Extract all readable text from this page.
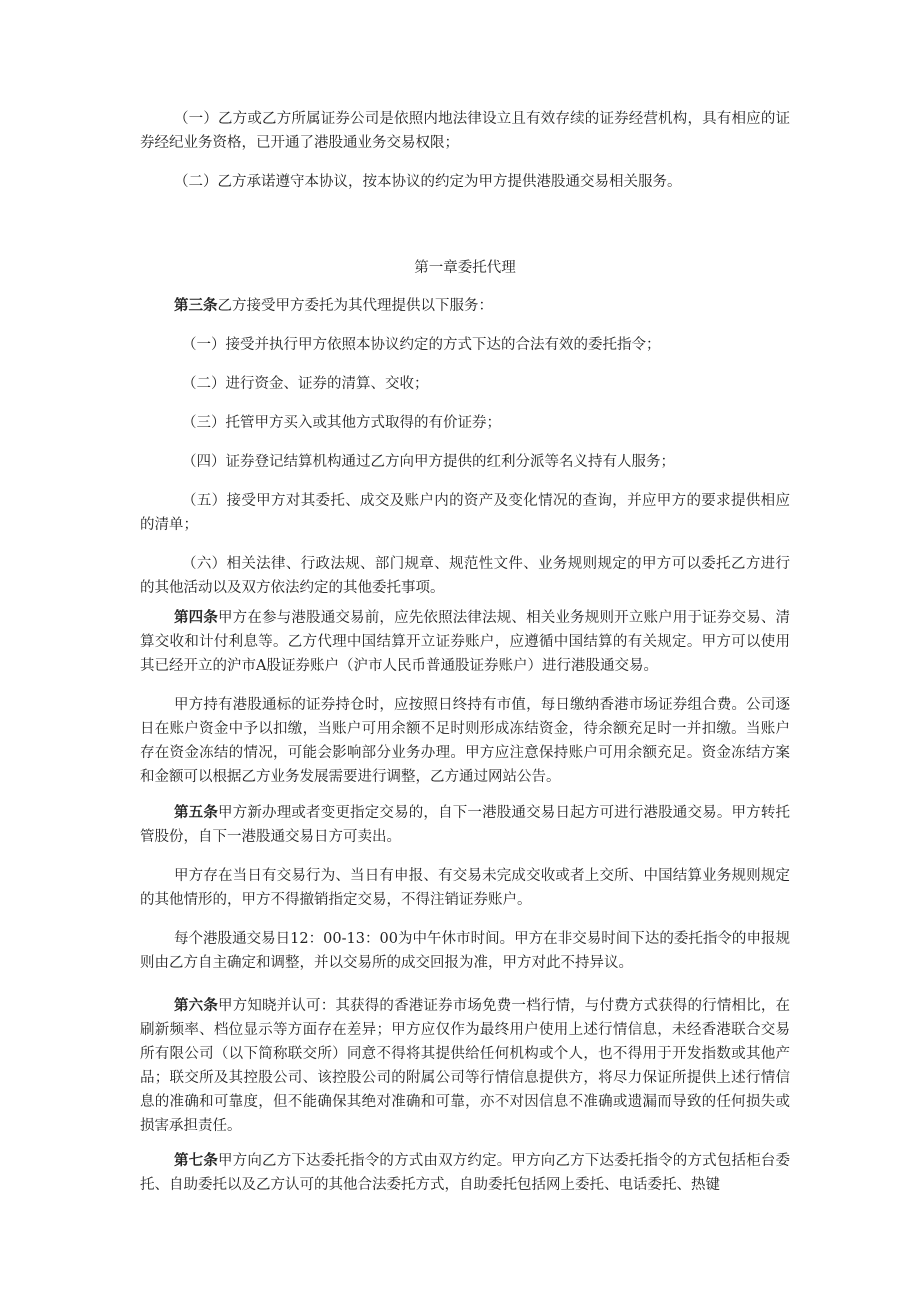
（一）乙方或乙方所属证券公司是依照内地法律设立且有效存续的证券经营机构，具有相应的证券经纪业务资格，已开通了港股通业务交易权限；

（二）乙方承诺遵守本协议，按本协议的约定为甲方提供港股通交易相关服务。

第一章委托代理

第三条乙方接受甲方委托为其代理提供以下服务：

（一）接受并执行甲方依照本协议约定的方式下达的合法有效的委托指令；

（二）进行资金、证券的清算、交收；

（三）托管甲方买入或其他方式取得的有价证券；

（四）证券登记结算机构通过乙方向甲方提供的红利分派等名义持有人服务；

（五）接受甲方对其委托、成交及账户内的资产及变化情况的查询，并应甲方的要求提供相应的清单；

（六）相关法律、行政法规、部门规章、规范性文件、业务规则规定的甲方可以委托乙方进行的其他活动以及双方依法约定的其他委托事项。

第四条甲方在参与港股通交易前，应先依照法律法规、相关业务规则开立账户用于证券交易、清算交收和计付利息等。乙方代理中国结算开立证券账户，应遵循中国结算的有关规定。甲方可以使用其已经开立的沪市A股证券账户（沪市人民币普通股证券账户）进行港股通交易。

甲方持有港股通标的证券持仓时，应按照日终持有市值，每日缴纳香港市场证券组合费。公司逐日在账户资金中予以扣缴，当账户可用余额不足时则形成冻结资金，待余额充足时一并扣缴。当账户存在资金冻结的情况，可能会影响部分业务办理。甲方应注意保持账户可用余额充足。资金冻结方案和金额可以根据乙方业务发展需要进行调整，乙方通过网站公告。

第五条甲方新办理或者变更指定交易的，自下一港股通交易日起方可进行港股通交易。甲方转托管股份，自下一港股通交易日方可卖出。

甲方存在当日有交易行为、当日有申报、有交易未完成交收或者上交所、中国结算业务规则规定的其他情形的，甲方不得撤销指定交易，不得注销证券账户。

每个港股通交易日12：00-13：00为中午休市时间。甲方在非交易时间下达的委托指令的申报规则由乙方自主确定和调整，并以交易所的成交回报为准，甲方对此不持异议。

第六条甲方知晓并认可：其获得的香港证券市场免费一档行情，与付费方式获得的行情相比，在刷新频率、档位显示等方面存在差异；甲方应仅作为最终用户使用上述行情信息，未经香港联合交易所有限公司（以下简称联交所）同意不得将其提供给任何机构或个人，也不得用于开发指数或其他产品；联交所及其控股公司、该控股公司的附属公司等行情信息提供方，将尽力保证所提供上述行情信息的准确和可靠度，但不能确保其绝对准确和可靠，亦不对因信息不准确或遗漏而导致的任何损失或损害承担责任。

第七条甲方向乙方下达委托指令的方式由双方约定。甲方向乙方下达委托指令的方式包括柜台委托、自助委托以及乙方认可的其他合法委托方式，自助委托包括网上委托、电话委托、热键
